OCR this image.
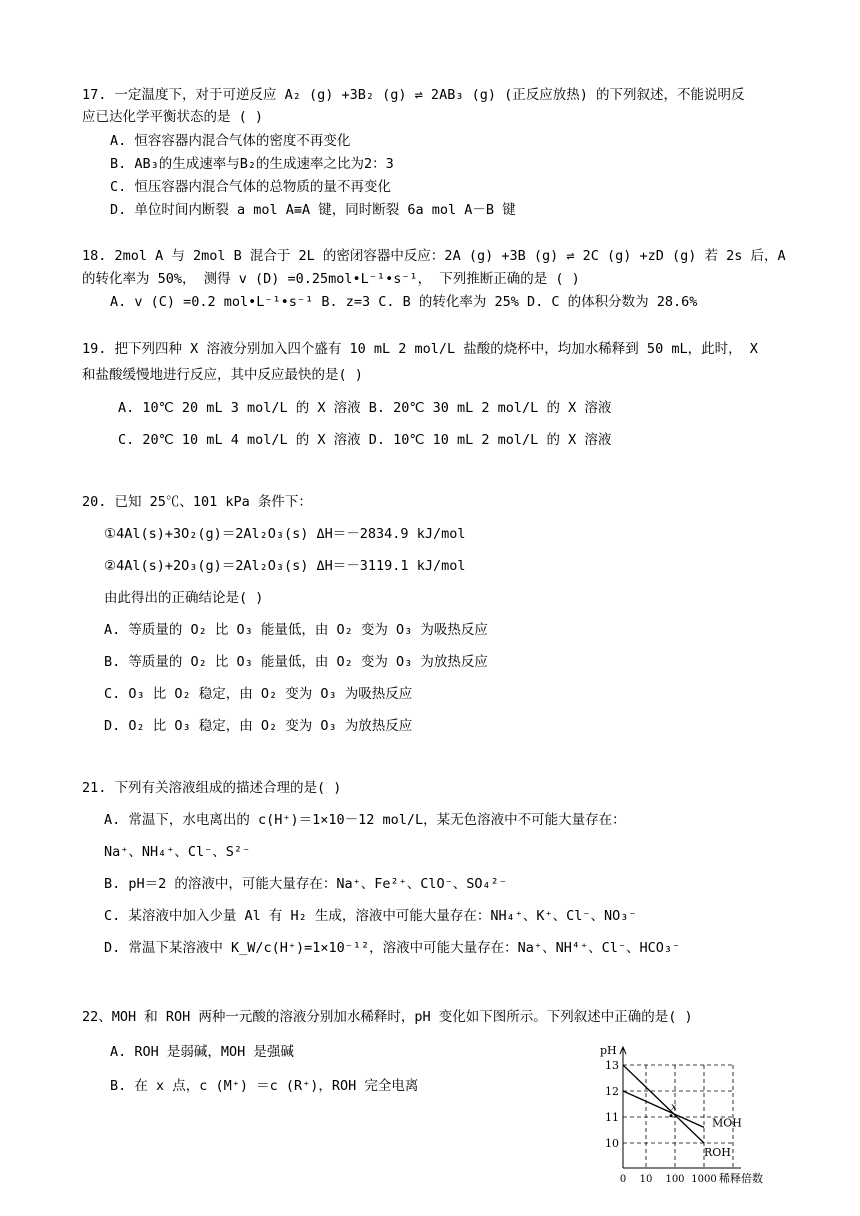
17. 一定温度下，对于可逆反应 A₂ (g) +3B₂ (g) ⇌ 2AB₃ (g) (正反应放热) 的下列叙述，不能说明反
应已达化学平衡状态的是 ( )
A. 恒容容器内混合气体的密度不再变化
B. AB₃的生成速率与B₂的生成速率之比为2：3
C. 恒压容器内混合气体的总物质的量不再变化
D. 单位时间内断裂 a mol A≡A 键，同时断裂 6a mol A－B 键
18. 2mol A 与 2mol B 混合于 2L 的密闭容器中反应：2A (g) +3B (g) ⇌ 2C (g) +zD (g) 若 2s 后，A
的转化率为 50%， 测得 v (D) =0.25mol•L⁻¹•s⁻¹， 下列推断正确的是 ( )
A. v (C) =0.2 mol•L⁻¹•s⁻¹ B. z=3 C. B 的转化率为 25% D. C 的体积分数为 28.6%
19. 把下列四种 X 溶液分别加入四个盛有 10 mL 2 mol/L 盐酸的烧杯中，均加水稀释到 50 mL，此时， X
和盐酸缓慢地进行反应，其中反应最快的是( )
A. 10℃ 20 mL 3 mol/L 的 X 溶液 B. 20℃ 30 mL 2 mol/L 的 X 溶液
C. 20℃ 10 mL 4 mol/L 的 X 溶液 D. 10℃ 10 mL 2 mol/L 的 X 溶液
20. 已知 25℃、101 kPa 条件下：
①4Al(s)+3O₂(g)＝2Al₂O₃(s) ΔH＝－2834.9 kJ/mol
②4Al(s)+2O₃(g)＝2Al₂O₃(s) ΔH＝－3119.1 kJ/mol
由此得出的正确结论是( )
A. 等质量的 O₂ 比 O₃ 能量低，由 O₂ 变为 O₃ 为吸热反应
B. 等质量的 O₂ 比 O₃ 能量低，由 O₂ 变为 O₃ 为放热反应
C. O₃ 比 O₂ 稳定，由 O₂ 变为 O₃ 为吸热反应
D. O₂ 比 O₃ 稳定，由 O₂ 变为 O₃ 为放热反应
21. 下列有关溶液组成的描述合理的是( )
A. 常温下，水电离出的 c(H⁺)＝1×10－12 mol/L，某无色溶液中不可能大量存在：
Na⁺、NH₄⁺、Cl⁻、S²⁻
B. pH＝2 的溶液中，可能大量存在：Na⁺、Fe²⁺、ClO⁻、SO₄²⁻
C. 某溶液中加入少量 Al 有 H₂ 生成，溶液中可能大量存在：NH₄⁺、K⁺、Cl⁻、NO₃⁻
D. 常温下某溶液中 K_W/c(H⁺)=1×10⁻¹²，溶液中可能大量存在：Na⁺、NH⁴⁺、Cl⁻、HCO₃⁻
22、MOH 和 ROH 两种一元酸的溶液分别加水稀释时，pH 变化如下图所示。下列叙述中正确的是( )
A. ROH 是弱碱，MOH 是强碱
B. 在 x 点，c (M⁺) ＝c (R⁺)，ROH 完全电离
13
12
11
10
0 10 100 1000
pH
稀释倍数
MOH
ROH
x
